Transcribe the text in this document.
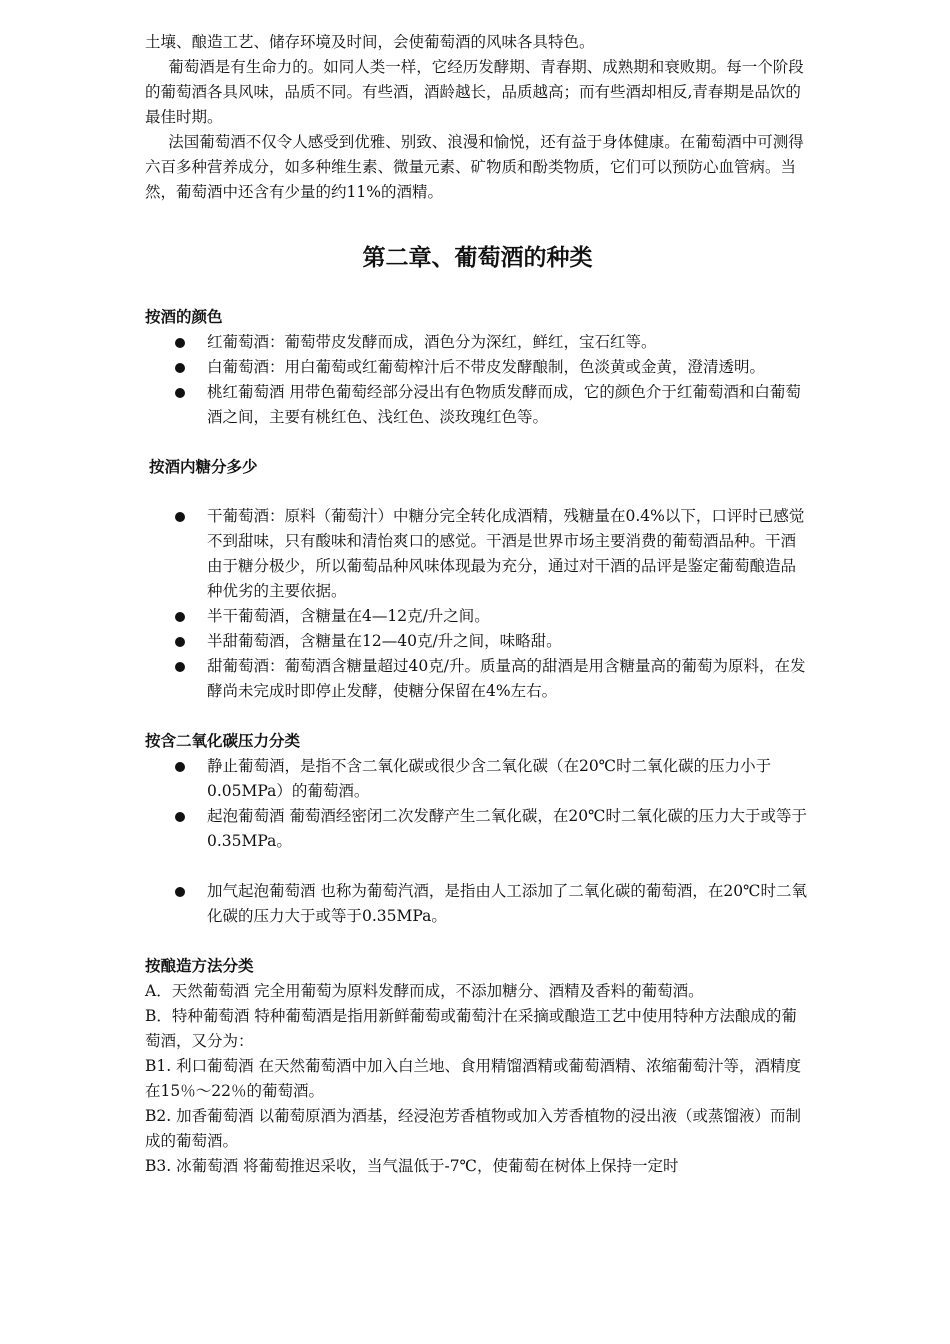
土壤、酿造工艺、储存环境及时间，会使葡萄酒的风味各具特色。

葡萄酒是有生命力的。如同人类一样，它经历发酵期、青春期、成熟期和衰败期。每一个阶段的葡萄酒各具风味，品质不同。有些酒，酒龄越长，品质越高；而有些酒却相反,青春期是品饮的最佳时期。

法国葡萄酒不仅令人感受到优雅、别致、浪漫和愉悦，还有益于身体健康。在葡萄酒中可测得六百多种营养成分，如多种维生素、微量元素、矿物质和酚类物质，它们可以预防心血管病。当然，葡萄酒中还含有少量的约11%的酒精。

第二章、葡萄酒的种类

按酒的颜色

红葡萄酒：葡萄带皮发酵而成，酒色分为深红，鲜红，宝石红等。
白葡萄酒：用白葡萄或红葡萄榨汁后不带皮发酵酿制，色淡黄或金黄，澄清透明。
桃红葡萄酒 用带色葡萄经部分浸出有色物质发酵而成，它的颜色介于红葡萄酒和白葡萄酒之间，主要有桃红色、浅红色、淡玫瑰红色等。

按酒内糖分多少

干葡萄酒：原料（葡萄汁）中糖分完全转化成酒精，残糖量在0.4%以下，口评时已感觉不到甜味，只有酸味和清怡爽口的感觉。干酒是世界市场主要消费的葡萄酒品种。干酒由于糖分极少，所以葡萄品种风味体现最为充分，通过对干酒的品评是鉴定葡萄酿造品种优劣的主要依据。
半干葡萄酒，含糖量在4—12克/升之间。
半甜葡萄酒，含糖量在12—40克/升之间，味略甜。
甜葡萄酒：葡萄酒含糖量超过40克/升。质量高的甜酒是用含糖量高的葡萄为原料，在发酵尚未完成时即停止发酵，使糖分保留在4%左右。

按含二氧化碳压力分类

静止葡萄酒，是指不含二氧化碳或很少含二氧化碳（在20℃时二氧化碳的压力小于0.05MPa）的葡萄酒。
起泡葡萄酒 葡萄酒经密闭二次发酵产生二氧化碳，在20℃时二氧化碳的压力大于或等于0.35MPa。
加气起泡葡萄酒 也称为葡萄汽酒，是指由人工添加了二氧化碳的葡萄酒，在20℃时二氧化碳的压力大于或等于0.35MPa。

按酿造方法分类

A．天然葡萄酒 完全用葡萄为原料发酵而成，不添加糖分、酒精及香料的葡萄酒。

B．特种葡萄酒 特种葡萄酒是指用新鲜葡萄或葡萄汁在采摘或酿造工艺中使用特种方法酿成的葡萄酒，又分为：

B1. 利口葡萄酒 在天然葡萄酒中加入白兰地、食用精馏酒精或葡萄酒精、浓缩葡萄汁等，酒精度在15％～22％的葡萄酒。

B2. 加香葡萄酒 以葡萄原酒为酒基，经浸泡芳香植物或加入芳香植物的浸出液（或蒸馏液）而制成的葡萄酒。

B3. 冰葡萄酒 将葡萄推迟采收，当气温低于-7℃，使葡萄在树体上保持一定时
